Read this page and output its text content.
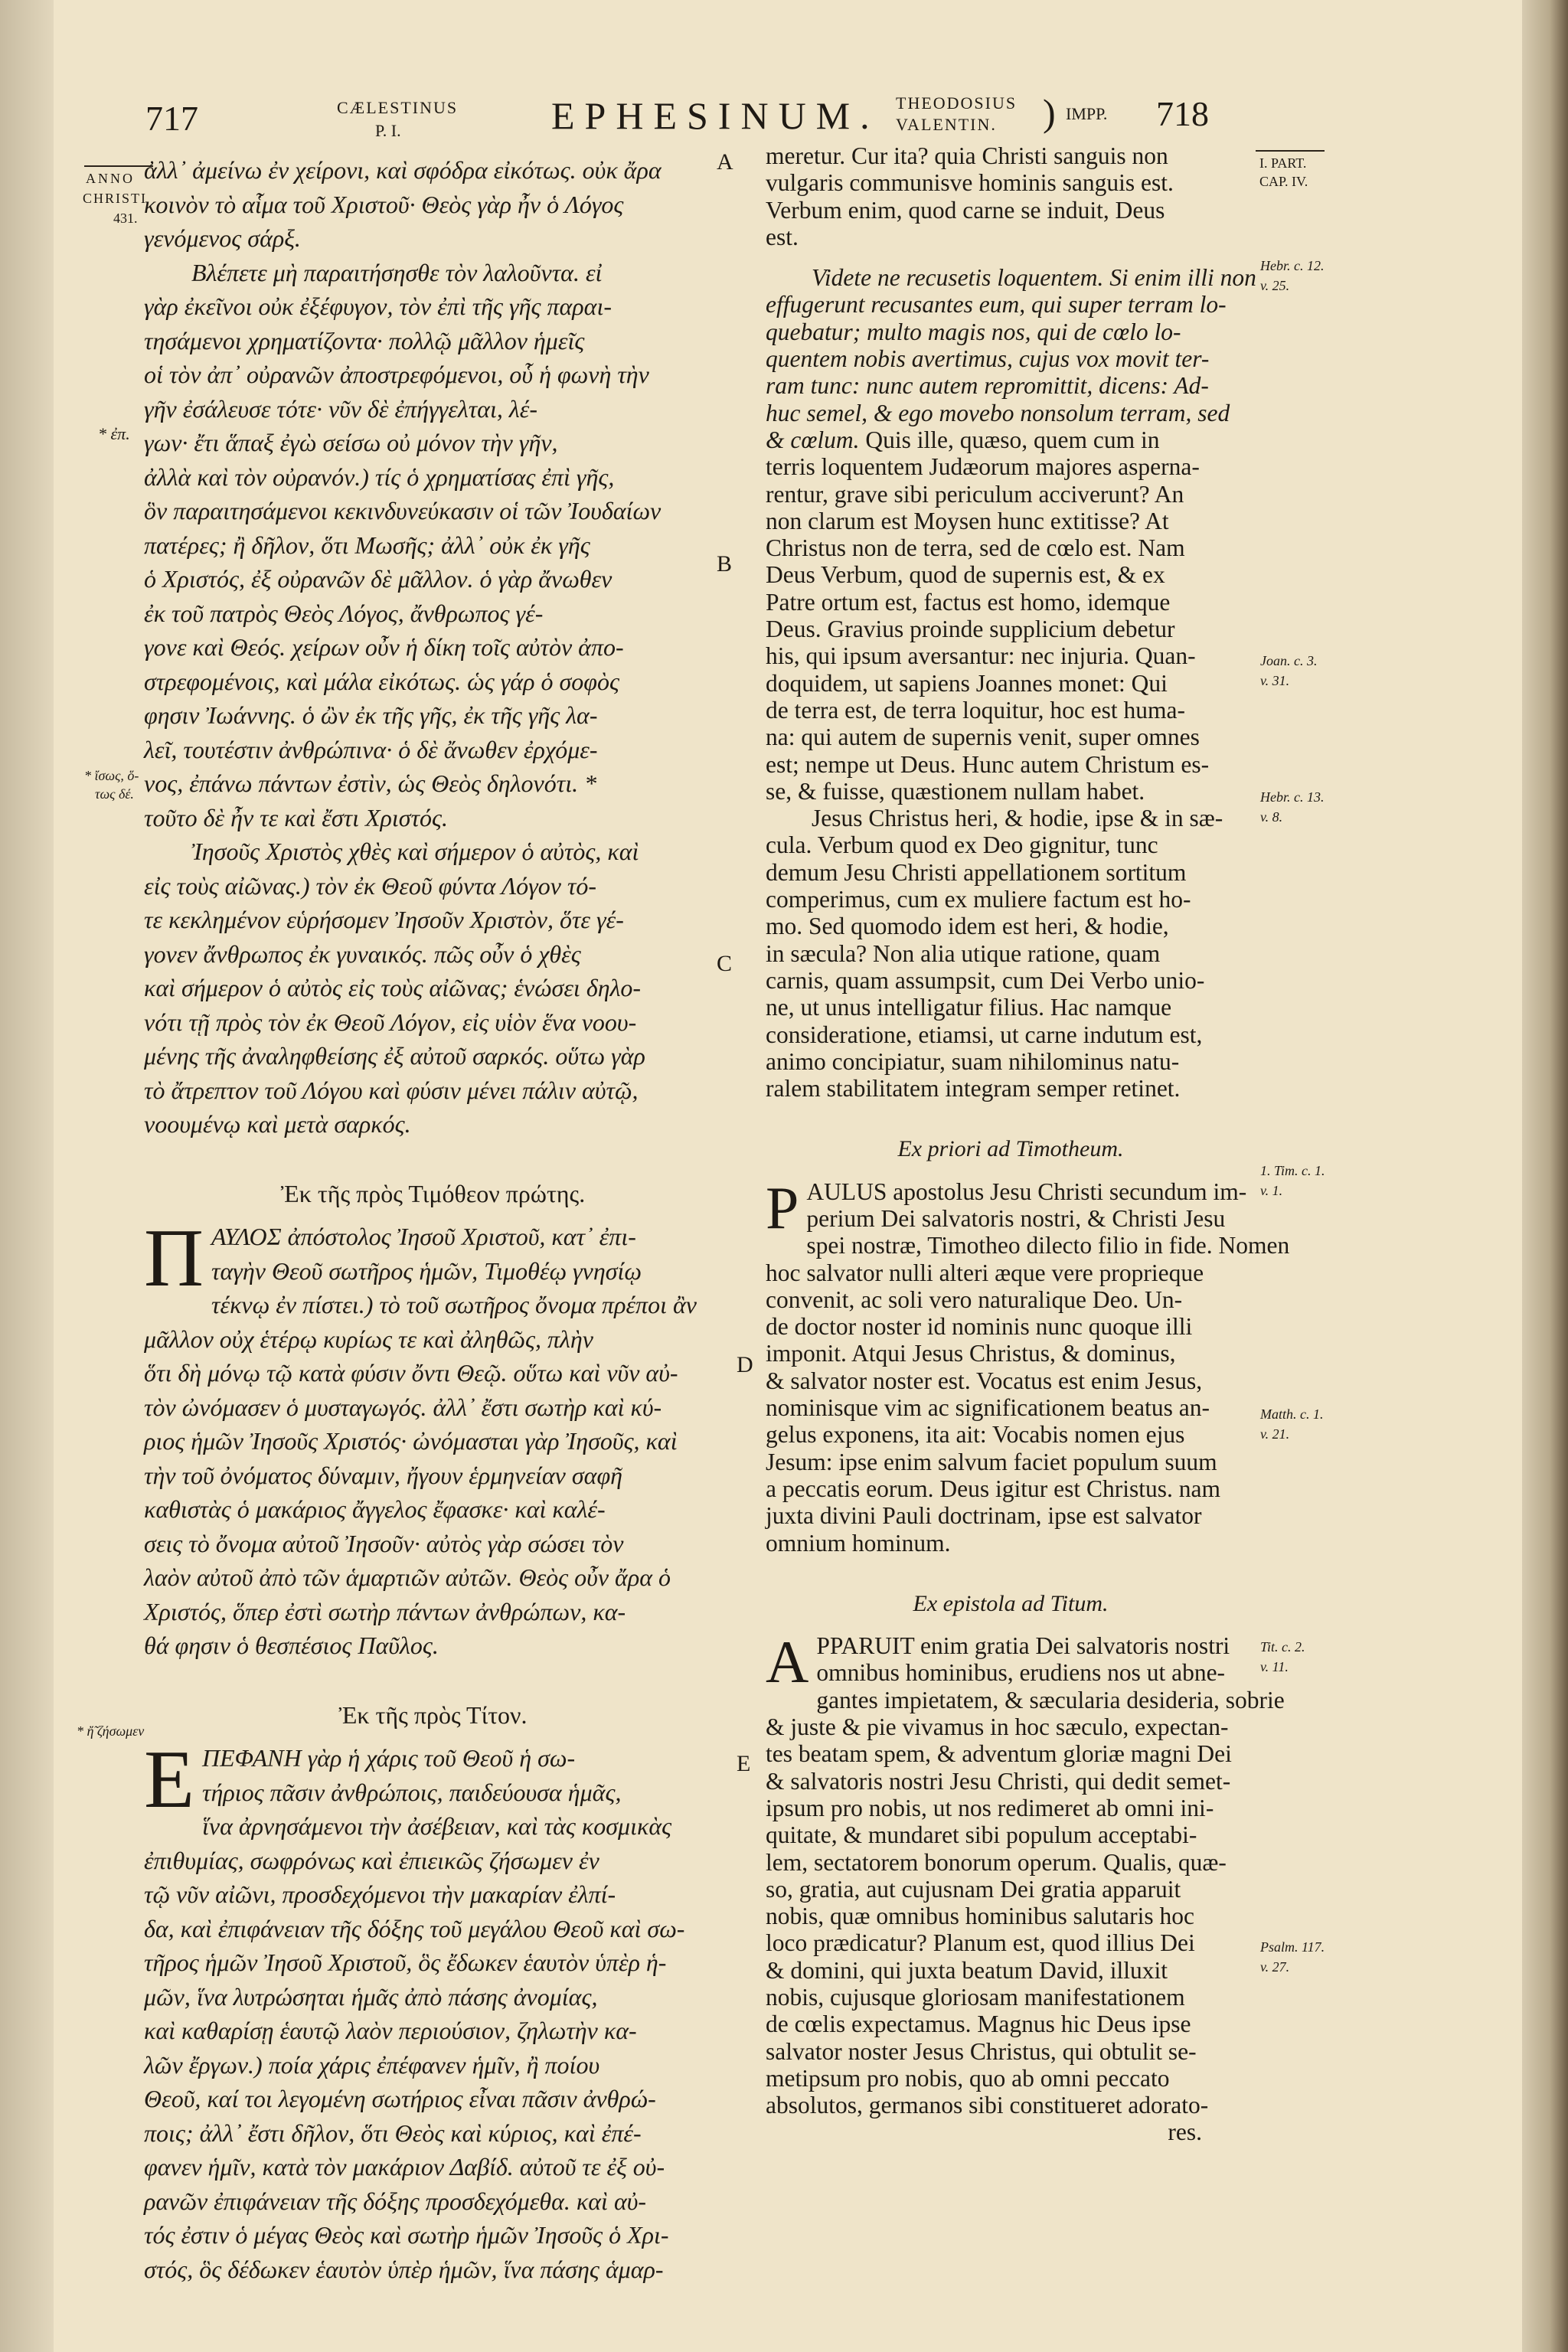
717	CÆLESTINUS
P. I.	EPHESINUM. THEODOSIUS
VALENTIN. ) IMPP. 718
ANNO
CHRISTI
431.
* ἐπ.
* ἴσως, ὅ-
τως δέ.
* ἤ̃ ζήσωμεν
A
B
C
D
E
I. PART.
CAP. IV.
Hebr. c. 12.
v. 25.
Joan. c. 3.
v. 31.
Hebr. c. 13.
v. 8.
1. Tim. c. 1.
v. 1.
Matth. c. 1.
v. 21.
Tit. c. 2.
v. 11.
Psalm. 117.
v. 27.
ἀλλ᾽ ἀμείνω ἐν χείρονι, καὶ σφόδρα εἰκότως. οὐκ ἄρα
κοινὸν τὸ αἷμα τοῦ Χριστοῦ· Θεὸς γὰρ ἦν ὁ Λόγος
γενόμενος σάρξ.
Βλέπετε μὴ παραιτήσησθε τὸν λαλοῦντα. εἰ
γὰρ ἐκεῖνοι οὐκ ἐξέφυγον, τὸν ἐπὶ τῆς γῆς παραι-
τησάμενοι χρηματίζοντα· πολλῷ μᾶλλον ἡμεῖς
οἱ τὸν ἀπ᾽ οὐρανῶν ἀποστρεφόμενοι, οὗ ἡ φωνὴ τὴν
γῆν ἐσάλευσε τότε· νῦν δὲ ἐπήγγελται, λέ-
γων· ἔτι ἅπαξ ἐγὼ σείσω οὐ μόνον τὴν γῆν,
ἀλλὰ καὶ τὸν οὐρανόν.) τίς ὁ χρηματίσας ἐπὶ γῆς,
ὃν παραιτησάμενοι κεκινδυνεύκασιν οἱ τῶν Ἰουδαίων
πατέρες; ἢ δῆλον, ὅτι Μωσῆς; ἀλλ᾽ οὐκ ἐκ γῆς
ὁ Χριστός, ἐξ οὐρανῶν δὲ μᾶλλον. ὁ γὰρ ἄνωθεν
ἐκ τοῦ πατρὸς Θεὸς Λόγος, ἄνθρωπος γέ-
γονε καὶ Θεός. χείρων οὖν ἡ δίκη τοῖς αὐτὸν ἀπο-
στρεφομένοις, καὶ μάλα εἰκότως. ὡς γάρ ὁ σοφὸς
φησιν Ἰωάννης. ὁ ὢν ἐκ τῆς γῆς, ἐκ τῆς γῆς λα-
λεῖ, τουτέστιν ἀνθρώπινα· ὁ δὲ ἄνωθεν ἐρχόμε-
νος, ἐπάνω πάντων ἐστὶν, ὡς Θεὸς δηλονότι. *
τοῦτο δὲ ἦν τε καὶ ἔστι Χριστός.
Ἰησοῦς Χριστὸς χθὲς καὶ σήμερον ὁ αὐτὸς, καὶ
εἰς τοὺς αἰῶνας.) τὸν ἐκ Θεοῦ φύντα Λόγον τό-
τε κεκλημένον εὑρήσομεν Ἰησοῦν Χριστὸν, ὅτε γέ-
γονεν ἄνθρωπος ἐκ γυναικός. πῶς οὖν ὁ χθὲς
καὶ σήμερον ὁ αὐτὸς εἰς τοὺς αἰῶνας; ἑνώσει δηλο-
νότι τῇ πρὸς τὸν ἐκ Θεοῦ Λόγον, εἰς υἱὸν ἕνα νοου-
μένης τῆς ἀναληφθείσης ἐξ αὐτοῦ σαρκός. οὕτω γὰρ
τὸ ἄτρεπτον τοῦ Λόγου καὶ φύσιν μένει πάλιν αὐτῷ,
νοουμένῳ καὶ μετὰ σαρκός.
Ἐκ τῆς πρὸς Τιμόθεον πρώτης.
Π ΑΥΛΟΣ ἀπόστολος Ἰησοῦ Χριστοῦ, κατ᾽ ἐπι-
ταγὴν Θεοῦ σωτῆρος ἡμῶν, Τιμοθέῳ γνησίῳ
τέκνῳ ἐν πίστει.) τὸ τοῦ σωτῆρος ὄνομα πρέποι ἂν
μᾶλλον οὐχ ἑτέρῳ κυρίως τε καὶ ἀληθῶς, πλὴν
ὅτι δὴ μόνῳ τῷ κατὰ φύσιν ὄντι Θεῷ. οὕτω καὶ νῦν αὐ-
τὸν ὠνόμασεν ὁ μυσταγωγός. ἀλλ᾽ ἔστι σωτὴρ καὶ κύ-
ριος ἡμῶν Ἰησοῦς Χριστός· ὠνόμασται γὰρ Ἰησοῦς, καὶ
τὴν τοῦ ὀνόματος δύναμιν, ἤγουν ἑρμηνείαν σαφῆ
καθιστὰς ὁ μακάριος ἄγγελος ἔφασκε· καὶ καλέ-
σεις τὸ ὄνομα αὐτοῦ Ἰησοῦν· αὐτὸς γὰρ σώσει τὸν
λαὸν αὐτοῦ ἀπὸ τῶν ἁμαρτιῶν αὐτῶν. Θεὸς οὖν ἄρα ὁ
Χριστός, ὅπερ ἐστὶ σωτὴρ πάντων ἀνθρώπων, κα-
θά φησιν ὁ θεσπέσιος Παῦλος.
Ἐκ τῆς πρὸς Τίτον.
Ε ΠΕΦΑΝΗ γὰρ ἡ χάρις τοῦ Θεοῦ ἡ σω-
τήριος πᾶσιν ἀνθρώποις, παιδεύουσα ἡμᾶς,
ἵνα ἀρνησάμενοι τὴν ἀσέβειαν, καὶ τὰς κοσμικὰς
ἐπιθυμίας, σωφρόνως καὶ ἐπιεικῶς ζήσωμεν ἐν
τῷ νῦν αἰῶνι, προσδεχόμενοι τὴν μακαρίαν ἐλπί-
δα, καὶ ἐπιφάνειαν τῆς δόξης τοῦ μεγάλου Θεοῦ καὶ σω-
τῆρος ἡμῶν Ἰησοῦ Χριστοῦ, ὃς ἔδωκεν ἑαυτὸν ὑπὲρ ἡ-
μῶν, ἵνα λυτρώσηται ἡμᾶς ἀπὸ πάσης ἀνομίας,
καὶ καθαρίσῃ ἑαυτῷ λαὸν περιούσιον, ζηλωτὴν κα-
λῶν ἔργων.) ποία χάρις ἐπέφανεν ἡμῖν, ἢ ποίου
Θεοῦ, καί τοι λεγομένη σωτήριος εἶναι πᾶσιν ἀνθρώ-
ποις; ἀλλ᾽ ἔστι δῆλον, ὅτι Θεὸς καὶ κύριος, καὶ ἐπέ-
φανεν ἡμῖν, κατὰ τὸν μακάριον Δαβίδ. αὐτοῦ τε ἐξ οὐ-
ρανῶν ἐπιφάνειαν τῆς δόξης προσδεχόμεθα. καὶ αὐ-
τός ἐστιν ὁ μέγας Θεὸς καὶ σωτὴρ ἡμῶν Ἰησοῦς ὁ Χρι-
στός, ὃς δέδωκεν ἑαυτὸν ὑπὲρ ἡμῶν, ἵνα πάσης ἁμαρ-
meretur. Cur ita? quia Christi sanguis non
vulgaris communisve hominis sanguis est.
Verbum enim, quod carne se induit, Deus
est.
Videte ne recusetis loquentem. Si enim illi non
effugerunt recusantes eum, qui super terram lo-
quebatur; multo magis nos, qui de cœlo lo-
quentem nobis avertimus, cujus vox movit ter-
ram tunc: nunc autem repromittit, dicens: Ad-
huc semel, & ego movebo nonsolum terram, sed
& cœlum. Quis ille, quæso, quem cum in
terris loquentem Judæorum majores asperna-
rentur, grave sibi periculum acciverunt? An
non clarum est Moysen hunc extitisse? At
Christus non de terra, sed de cœlo est. Nam
Deus Verbum, quod de supernis est, & ex
Patre ortum est, factus est homo, idemque
Deus. Gravius proinde supplicium debetur
his, qui ipsum aversantur: nec injuria. Quan-
doquidem, ut sapiens Joannes monet: Qui
de terra est, de terra loquitur, hoc est huma-
na: qui autem de supernis venit, super omnes
est; nempe ut Deus. Hunc autem Christum es-
se, & fuisse, quæstionem nullam habet.
Jesus Christus heri, & hodie, ipse & in sæ-
cula. Verbum quod ex Deo gignitur, tunc
demum Jesu Christi appellationem sortitum
comperimus, cum ex muliere factum est ho-
mo. Sed quomodo idem est heri, & hodie,
in sæcula? Non alia utique ratione, quam
carnis, quam assumpsit, cum Dei Verbo unio-
ne, ut unus intelligatur filius. Hac namque
consideratione, etiamsi, ut carne indutum est,
animo concipiatur, suam nihilominus natu-
ralem stabilitatem integram semper retinet.
Ex priori ad Timotheum.
P AULUS apostolus Jesu Christi secundum im-
perium Dei salvatoris nostri, & Christi Jesu
spei nostræ, Timotheo dilecto filio in fide. Nomen
hoc salvator nulli alteri æque vere proprieque
convenit, ac soli vero naturalique Deo. Un-
de doctor noster id nominis nunc quoque illi
imponit. Atqui Jesus Christus, & dominus,
& salvator noster est. Vocatus est enim Jesus,
nominisque vim ac significationem beatus an-
gelus exponens, ita ait: Vocabis nomen ejus
Jesum: ipse enim salvum faciet populum suum
a peccatis eorum. Deus igitur est Christus. nam
juxta divini Pauli doctrinam, ipse est salvator
omnium hominum.
Ex epistola ad Titum.
A PPARUIT enim gratia Dei salvatoris nostri
omnibus hominibus, erudiens nos ut abne-
gantes impietatem, & sæcularia desideria, sobrie
& juste & pie vivamus in hoc sæculo, expectan-
tes beatam spem, & adventum gloriæ magni Dei
& salvatoris nostri Jesu Christi, qui dedit semet-
ipsum pro nobis, ut nos redimeret ab omni ini-
quitate, & mundaret sibi populum acceptabi-
lem, sectatorem bonorum operum. Qualis, quæ-
so, gratia, aut cujusnam Dei gratia apparuit
nobis, quæ omnibus hominibus salutaris hoc
loco prædicatur? Planum est, quod illius Dei
& domini, qui juxta beatum David, illuxit
nobis, cujusque gloriosam manifestationem
de cœlis expectamus. Magnus hic Deus ipse
salvator noster Jesus Christus, qui obtulit se-
metipsum pro nobis, quo ab omni peccato
absolutos, germanos sibi constitueret adorato-
res.
